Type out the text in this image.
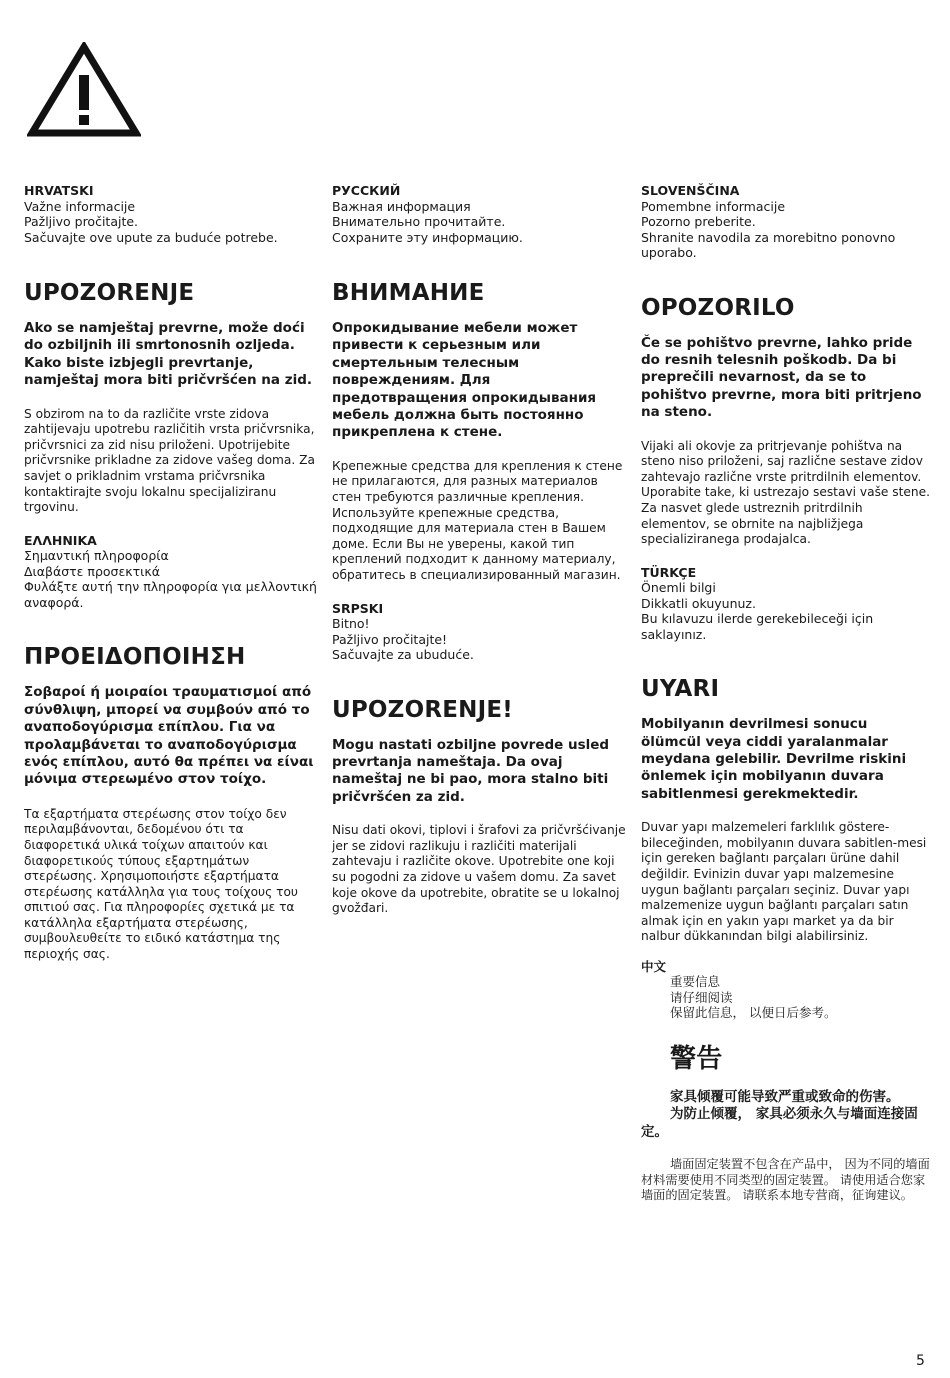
HRVATSKI

Važne informacije

Pažljivo pročitajte.

Sačuvajte ove upute za buduće potrebe.

UPOZORENJE

Ako se namještaj prevrne, može doći do ozbiljnih ili smrtonosnih ozljeda. Kako biste izbjegli prevrtanje, namještaj mora biti pričvršćen na zid.

S obzirom na to da različite vrste zidova zahtijevaju upotrebu različitih vrsta pričvrsnika, pričvrsnici za zid nisu priloženi. Upotrijebite pričvrsnike prikladne za zidove vašeg doma. Za savjet o prikladnim vrstama pričvrsnika kontaktirajte svoju lokalnu specijaliziranu trgovinu.

ΕΛΛΗΝΙΚΑ

Σημαντική πληροφορία

Διαβάστε προσεκτικά

Φυλάξτε αυτή την πληροφορία για μελλοντική αναφορά.

ΠΡΟΕΙΔΟΠΟΙΗΣΗ

Σοβαροί ή μοιραίοι τραυματισμοί από σύνθλιψη, μπορεί να συμβούν από το αναποδογύρισμα επίπλου. Για να προλαμβάνεται το αναποδογύρισμα ενός επίπλου, αυτό θα πρέπει να είναι μόνιμα στερεωμένο στον τοίχο.

Τα εξαρτήματα στερέωσης στον τοίχο δεν περιλαμβάνονται, δεδομένου ότι τα διαφορετικά υλικά τοίχων απαιτούν και διαφορετικούς τύπους εξαρτημάτων στερέωσης. Χρησιμοποιήστε εξαρτήματα στερέωσης κατάλληλα για τους τοίχους του σπιτιού σας. Για πληροφορίες σχετικά με τα κατάλληλα εξαρτήματα στερέωσης, συμβουλευθείτε το ειδικό κατάστημα της περιοχής σας.

РУССКИЙ

Важная информация

Внимательно прочитайте.

Сохраните эту информацию.

ВНИМАНИЕ

Опрокидывание мебели может привести к серьезным или смертельным телесным повреждениям. Для предотвращения опрокидывания мебель должна быть постоянно прикреплена к стене.

Крепежные средства для крепления к стене не прилагаются, для разных материалов стен требуются различные крепления. Используйте крепежные средства, подходящие для материала стен в Вашем доме. Если Вы не уверены, какой тип креплений подходит к данному материалу, обратитесь в специализированный магазин.

SRPSKI

Bitno!

Pažljivo pročitajte!

Sačuvajte za ubuduće.

UPOZORENJE!

Mogu nastati ozbiljne povrede usled prevrtanja nameštaja. Da ovaj nameštaj ne bi pao, mora stalno biti pričvršćen za zid.

Nisu dati okovi, tiplovi i šrafovi za pričvršćivanje jer se zidovi razlikuju i različiti materijali zahtevaju i različite okove. Upotrebite one koji su pogodni za zidove u vašem domu. Za savet koje okove da upotrebite, obratite se u lokalnoj gvožđari.

SLOVENŠČINA

Pomembne informacije

Pozorno preberite.

Shranite navodila za morebitno ponovno uporabo.

OPOZORILO

Če se pohištvo prevrne, lahko pride do resnih telesnih poškodb. Da bi preprečili nevarnost, da se to pohištvo prevrne, mora biti pritrjeno na steno.

Vijaki ali okovje za pritrjevanje pohištva na steno niso priloženi, saj različne sestave zidov zahtevajo različne vrste pritrdilnih elementov. Uporabite take, ki ustrezajo sestavi vaše stene. Za nasvet glede ustreznih pritrdilnih elementov, se obrnite na najbližjega specializiranega prodajalca.

TÜRKÇE

Önemli bilgi

Dikkatli okuyunuz.

Bu kılavuzu ilerde gerekebileceği için saklayınız.

UYARI

Mobilyanın devrilmesi sonucu ölümcül veya ciddi yaralanmalar meydana gelebilir. Devrilme riskini önlemek için mobilyanın duvara sabitlenmesi gerekmektedir.

Duvar yapı malzemeleri farklılık göstere-bileceğinden, mobilyanın duvara sabitlen-mesi için gereken bağlantı parçaları ürüne dahil değildir. Evinizin duvar yapı malzemesine uygun bağlantı parçaları seçiniz. Duvar yapı malzemenize uygun bağlantı parçaları satın almak için en yakın yapı market ya da bir nalbur dükkanından bilgi alabilirsiniz.

中文

重要信息

请仔细阅读

保留此信息， 以便日后参考。

警告

家具倾覆可能导致严重或致命的伤害。

为防止倾覆， 家具必须永久与墙面连接固定。

墙面固定装置不包含在产品中， 因为不同的墙面材料需要使用不同类型的固定装置。 请使用适合您家墙面的固定装置。 请联系本地专营商，征询建议。

5
